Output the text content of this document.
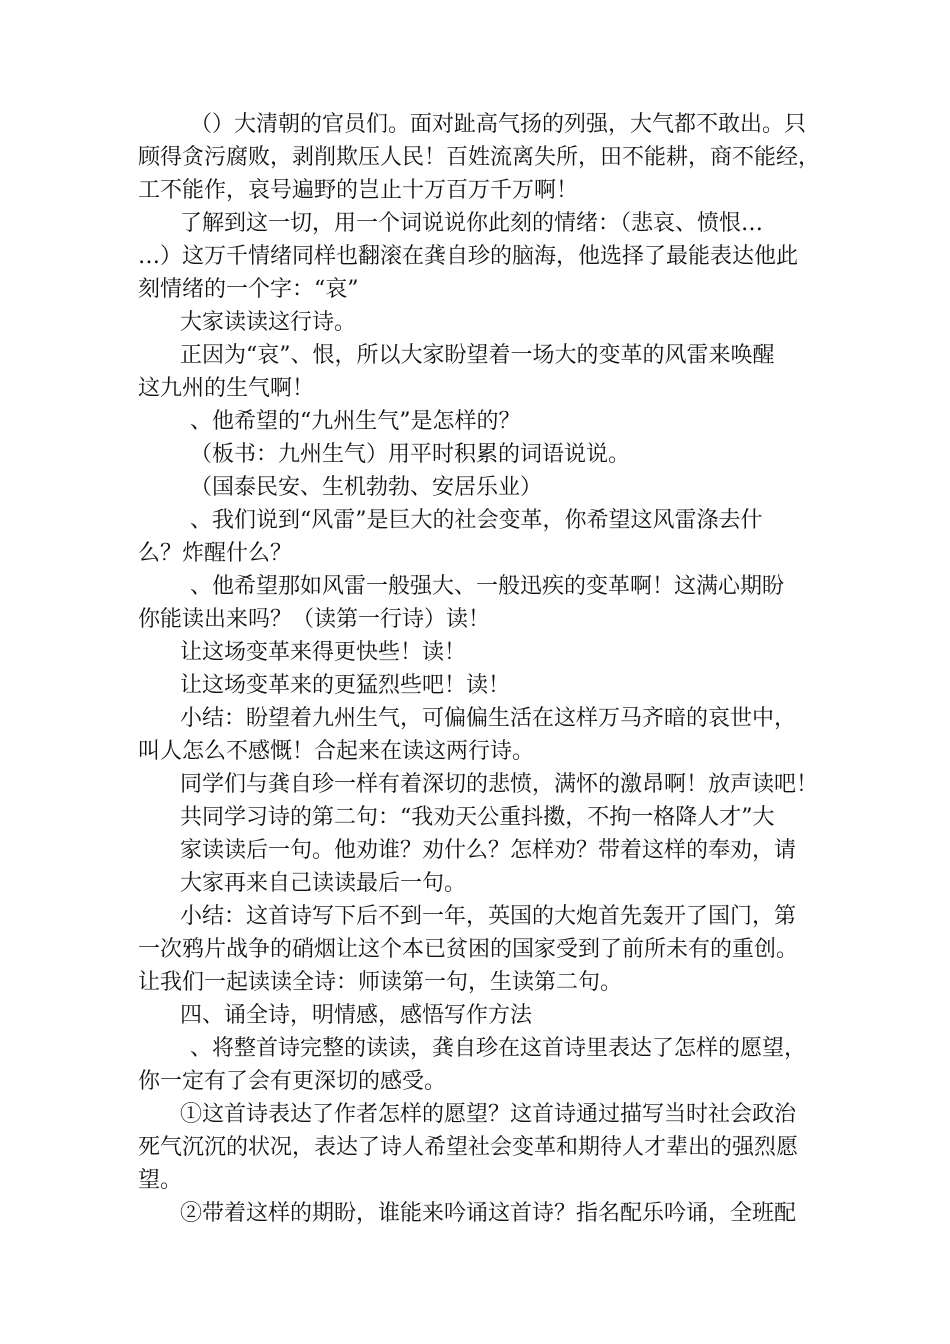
（）大清朝的官员们。面对趾高气扬的列强，大气都不敢出。只

顾得贪污腐败，剥削欺压人民！百姓流离失所，田不能耕，商不能经，

工不能作，哀号遍野的岂止十万百万千万啊！

了解到这一切，用一个词说说你此刻的情绪：（悲哀、愤恨…

…）这万千情绪同样也翻滚在龚自珍的脑海，他选择了最能表达他此

刻情绪的一个字：“哀”

大家读读这行诗。

正因为“哀”、恨，所以大家盼望着一场大的变革的风雷来唤醒

这九州的生气啊！

、他希望的“九州生气”是怎样的？

（板书：九州生气）用平时积累的词语说说。

（国泰民安、生机勃勃、安居乐业）

、我们说到“风雷”是巨大的社会变革，你希望这风雷涤去什

么？炸醒什么？

、他希望那如风雷一般强大、一般迅疾的变革啊！这满心期盼

你能读出来吗？（读第一行诗）读！

让这场变革来得更快些！读！

让这场变革来的更猛烈些吧！读！

小结：盼望着九州生气，可偏偏生活在这样万马齐暗的哀世中，

叫人怎么不感慨！合起来在读这两行诗。

同学们与龚自珍一样有着深切的悲愤，满怀的激昂啊！放声读吧！

共同学习诗的第二句：“我劝天公重抖擞，不拘一格降人才”大

家读读后一句。他劝谁？劝什么？怎样劝？带着这样的奉劝，请

大家再来自己读读最后一句。

小结：这首诗写下后不到一年，英国的大炮首先轰开了国门，第

一次鸦片战争的硝烟让这个本已贫困的国家受到了前所未有的重创。

让我们一起读读全诗：师读第一句，生读第二句。

四、诵全诗，明情感，感悟写作方法

、将整首诗完整的读读，龚自珍在这首诗里表达了怎样的愿望，

你一定有了会有更深切的感受。

①这首诗表达了作者怎样的愿望？这首诗通过描写当时社会政治

死气沉沉的状况，表达了诗人希望社会变革和期待人才辈出的强烈愿

望。

②带着这样的期盼，谁能来吟诵这首诗？指名配乐吟诵，全班配
